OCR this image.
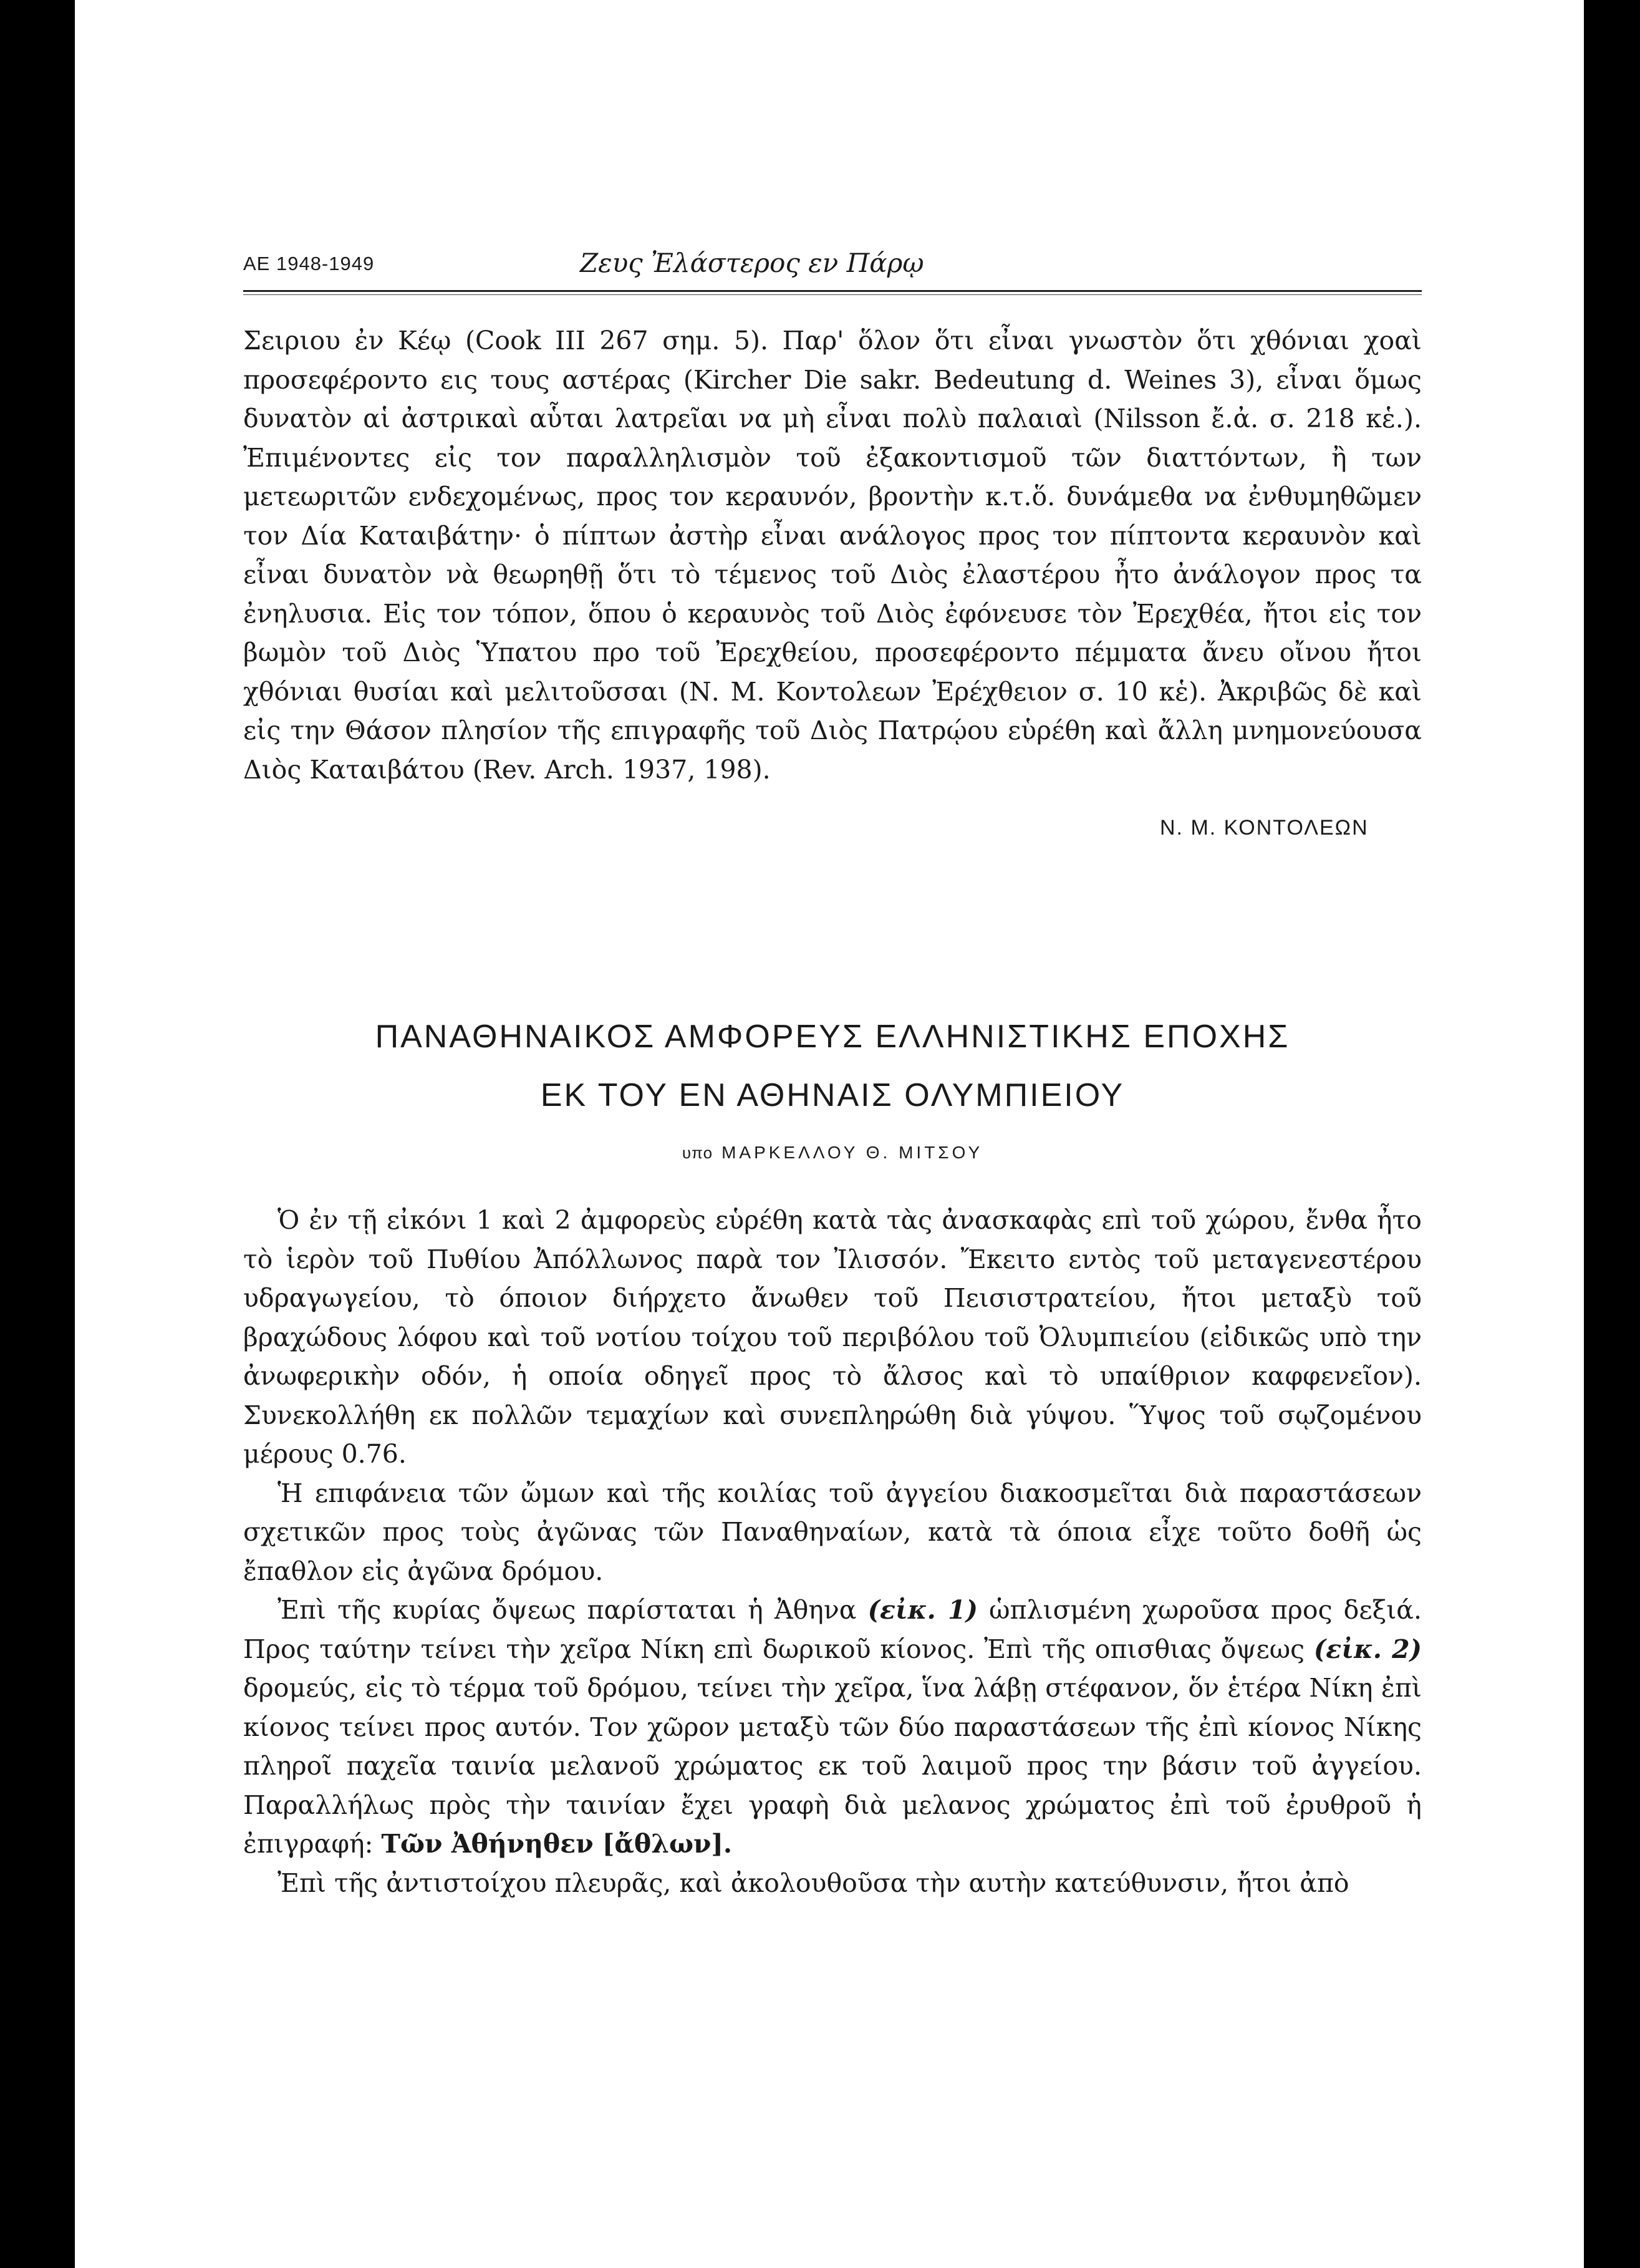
ΑΕ 1948-1949	Ζευς Ἐλάστερος εν Πάρῳ

Σειριου ἐν Κέῳ (Cook III 267 σημ. 5). Παρ' ὅλον ὅτι εἶναι γνωστὸν ὅτι χθόνιαι χοαὶ προσεφέροντο εις τους αστέρας (Kircher Die sakr. Bedeutung d. Weines 3), εἶναι ὅμως δυνατὸν αἱ ἀστρικαὶ αὗται λατρεῖαι να μὴ εἶναι πολὺ παλαιαὶ (Nilsson ἔ.ἀ. σ. 218 κἑ.). Ἐπιμένοντες εἰς τον παραλληλισμὸν τοῦ ἐξακοντισμοῦ τῶν διαττόντων, ἢ των μετεωριτῶν ενδεχομένως, προς τον κεραυνόν, βροντὴν κ.τ.ὅ. δυνάμεθα να ἐνθυμηθῶμεν τον Δία Καταιβάτην· ὁ πίπτων ἀστὴρ εἶναι ανάλογος προς τον πίπτοντα κεραυνὸν καὶ εἶναι δυνατὸν νὰ θεωρηθῇ ὅτι τὸ τέμενος τοῦ Διὸς ἐλαστέρου ἦτο ἀνάλογον προς τα ἐνηλυσια. Εἰς τον τόπον, ὅπου ὁ κεραυνὸς τοῦ Διὸς ἐφόνευσε τὸν Ἐρεχθέα, ἤτοι εἰς τον βωμὸν τοῦ Διὸς Ὑπατου προ τοῦ Ἐρεχθείου, προσεφέροντο πέμματα ἄνευ οἴνου ἤτοι χθόνιαι θυσίαι καὶ μελιτοῦσσαι (Ν. Μ. Κοντολεων Ἐρέχθειον σ. 10 κἑ). Ἀκριβῶς δὲ καὶ εἰς την Θάσον πλησίον τῆς επιγραφῆς τοῦ Διὸς Πατρῴου εὑρέθη καὶ ἄλλη μνημονεύουσα Διὸς Καταιβάτου (Rev. Arch. 1937, 198).

Ν. Μ. ΚΟΝΤΟΛΕΩΝ
ΠΑΝΑΘΗΝΑΙΚΟΣ ΑΜΦΟΡΕΥΣ ΕΛΛΗΝΙΣΤΙΚΗΣ ΕΠΟΧΗΣ
ΕΚ ΤΟΥ ΕΝ ΑΘΗΝΑΙΣ ΟΛΥΜΠΙΕΙΟΥ
υπο ΜΑΡΚΕΛΛΟΥ Θ. ΜΙΤΣΟΥ

Ὁ ἐν τῇ εἰκόνι 1 καὶ 2 ἀμφορεὺς εὑρέθη κατὰ τὰς ἀνασκαφὰς επὶ τοῦ χώρου, ἔνθα ἦτο τὸ ἱερὸν τοῦ Πυθίου Ἀπόλλωνος παρὰ τον Ἰλισσόν. Ἔκειτο εντὸς τοῦ μεταγενεστέρου υδραγωγείου, τὸ όποιον διήρχετο ἄνωθεν τοῦ Πεισιστρατείου, ἤτοι μεταξὺ τοῦ βραχώδους λόφου καὶ τοῦ νοτίου τοίχου τοῦ περιβόλου τοῦ Ὀλυμπιείου (εἰδικῶς υπὸ την ἀνωφερικὴν οδόν, ἡ οποία οδηγεῖ προς τὸ ἄλσος καὶ τὸ υπαίθριον καφφενεῖον). Συνεκολλήθη εκ πολλῶν τεμαχίων καὶ συνεπληρώθη διὰ γύψου. Ὕψος τοῦ σῳζομένου μέρους 0.76.

Ἡ επιφάνεια τῶν ὤμων καὶ τῆς κοιλίας τοῦ ἀγγείου διακοσμεῖται διὰ παραστάσεων σχετικῶν προς τοὺς ἀγῶνας τῶν Παναθηναίων, κατὰ τὰ όποια εἶχε τοῦτο δοθῆ ὡς ἔπαθλον εἰς ἀγῶνα δρόμου.

Ἐπὶ τῆς κυρίας ὄψεως παρίσταται ἡ Ἀθηνα (εἰκ. 1) ὡπλισμένη χωροῦσα προς δεξιά. Προς ταύτην τείνει τὴν χεῖρα Νίκη επὶ δωρικοῦ κίονος. Ἐπὶ τῆς οπισθιας ὄψεως (εἰκ. 2) δρομεύς, εἰς τὸ τέρμα τοῦ δρόμου, τείνει τὴν χεῖρα, ἵνα λάβῃ στέφανον, ὅν ἑτέρα Νίκη ἐπὶ κίονος τείνει προς αυτόν. Τον χῶρον μεταξὺ τῶν δύο παραστάσεων τῆς ἐπὶ κίονος Νίκης πληροῖ παχεῖα ταινία μελανοῦ χρώματος εκ τοῦ λαιμοῦ προς την βάσιν τοῦ ἀγγείου. Παραλλήλως πρὸς τὴν ταινίαν ἔχει γραφὴ διὰ μελανος χρώματος ἐπὶ τοῦ ἐρυθροῦ ἡ ἐπιγραφή: Τῶν Ἀθήνηθεν [ἄθλων].

Ἐπὶ τῆς ἀντιστοίχου πλευρᾶς, καὶ ἀκολουθοῦσα τὴν αυτὴν κατεύθυνσιν, ἤτοι ἀπὸ
